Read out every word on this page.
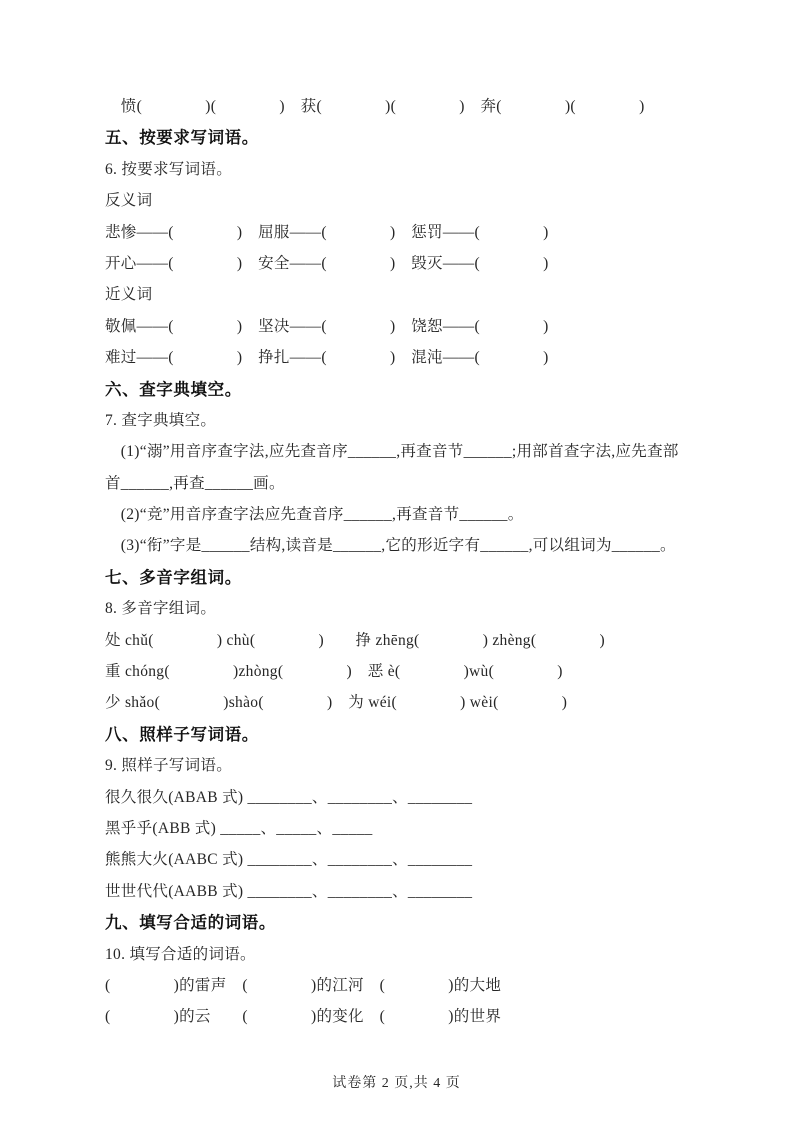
　愤(　　　　)(　　　　)　获(　　　　)(　　　　)　奔(　　　　)(　　　　)
五、按要求写词语。
6. 按要求写词语。
反义词
悲惨——(　　　　)　屈服——(　　　　)　惩罚——(　　　　)
开心——(　　　　)　安全——(　　　　)　毁灭——(　　　　)
近义词
敬佩——(　　　　)　坚决——(　　　　)　饶恕——(　　　　)
难过——(　　　　)　挣扎——(　　　　)　混沌——(　　　　)
六、查字典填空。
7. 查字典填空。
　(1)“溺”用音序查字法,应先查音序______,再查音节______;用部首查字法,应先查部
首______,再查______画。
　(2)“竞”用音序查字法应先查音序______,再查音节______。
　(3)“衔”字是______结构,读音是______,它的形近字有______,可以组词为______。
七、多音字组词。
8. 多音字组词。
处 chǔ(　　　　) chù(　　　　)　　挣 zhēng(　　　　) zhèng(　　　　)
重 chóng(　　　　)zhòng(　　　　)　恶 è(　　　　)wù(　　　　)
少 shǎo(　　　　)shào(　　　　)　为 wéi(　　　　) wèi(　　　　)
八、照样子写词语。
9. 照样子写词语。
很久很久(ABAB 式) ________、________、________
黑乎乎(ABB 式) _____、_____、_____
熊熊大火(AABC 式) ________、________、________
世世代代(AABB 式) ________、________、________
九、填写合适的词语。
10. 填写合适的词语。
(　　　　)的雷声　(　　　　)的江河　(　　　　)的大地
(　　　　)的云　　(　　　　)的变化　(　　　　)的世界
试卷第 2 页,共 4 页
